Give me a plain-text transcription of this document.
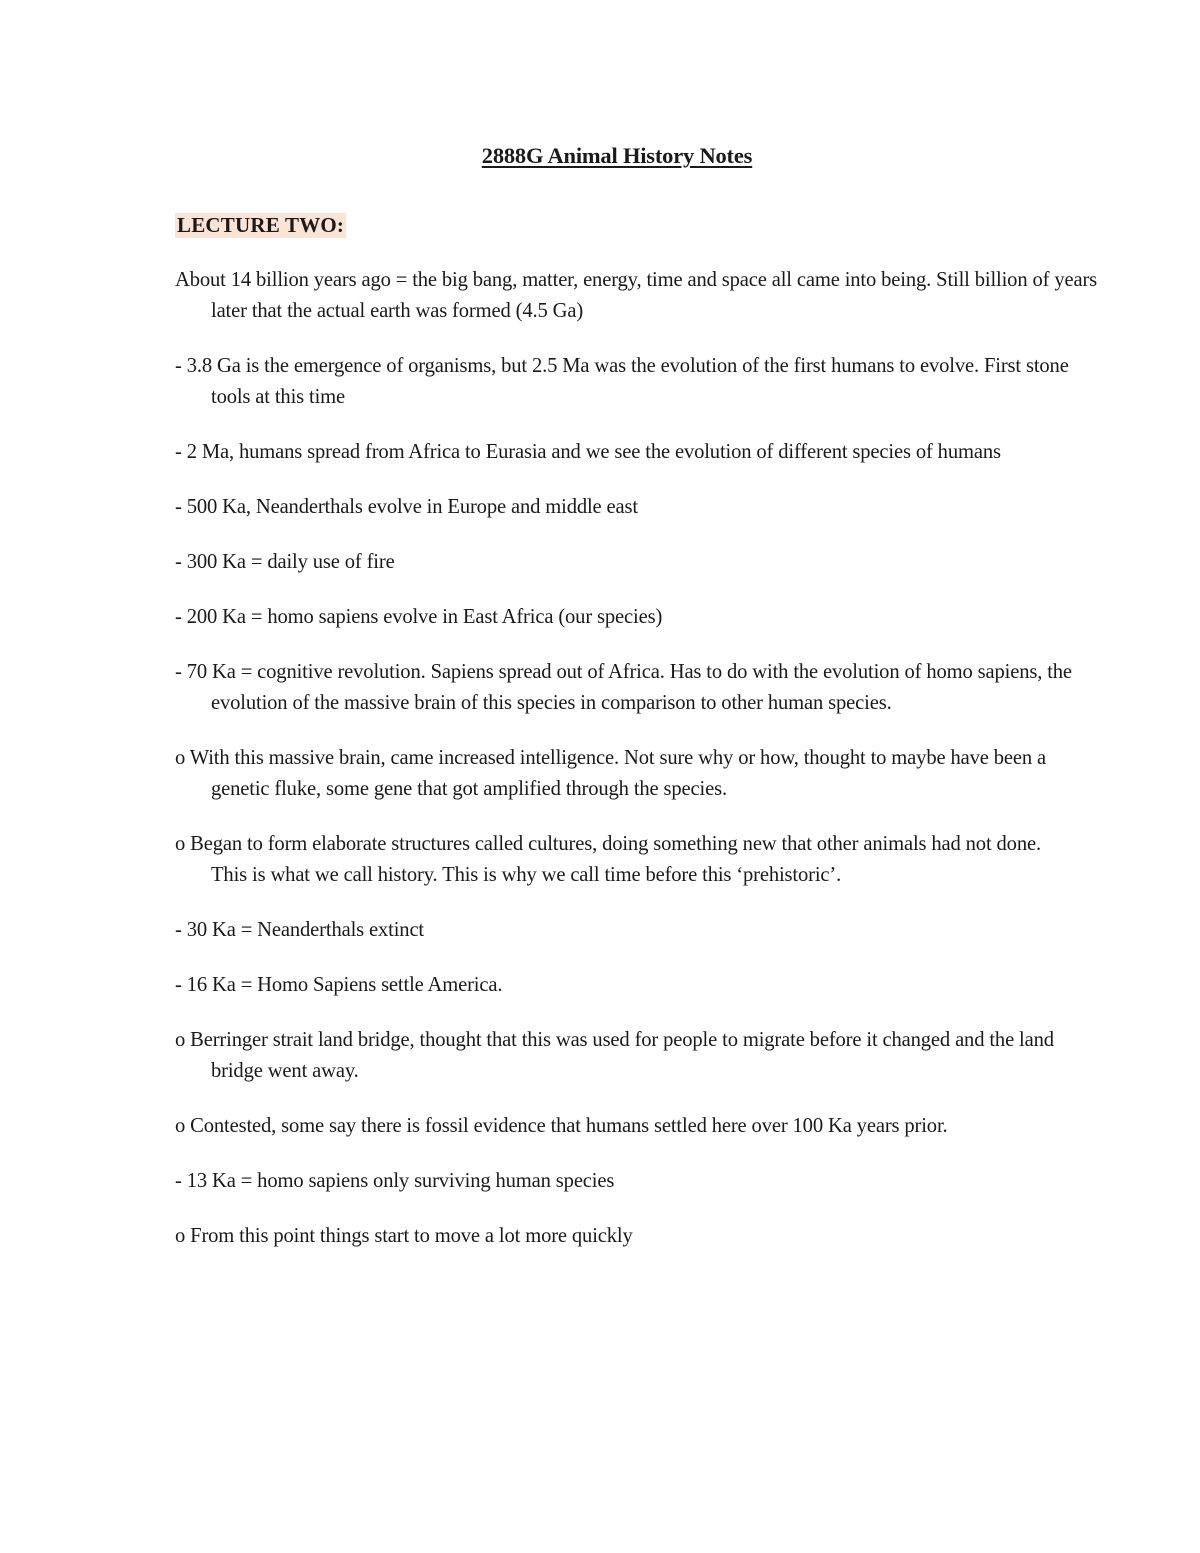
2888G Animal History Notes
LECTURE TWO:
About 14 billion years ago = the big bang, matter, energy, time and space all came into being. Still billion of years later that the actual earth was formed (4.5 Ga)
- 3.8 Ga is the emergence of organisms, but 2.5 Ma was the evolution of the first humans to evolve. First stone tools at this time
- 2 Ma, humans spread from Africa to Eurasia and we see the evolution of different species of humans
- 500 Ka, Neanderthals evolve in Europe and middle east
- 300 Ka = daily use of fire
- 200 Ka = homo sapiens evolve in East Africa (our species)
- 70 Ka = cognitive revolution. Sapiens spread out of Africa. Has to do with the evolution of homo sapiens, the evolution of the massive brain of this species in comparison to other human species.
o With this massive brain, came increased intelligence. Not sure why or how, thought to maybe have been a genetic fluke, some gene that got amplified through the species.
o Began to form elaborate structures called cultures, doing something new that other animals had not done. This is what we call history. This is why we call time before this ‘prehistoric’.
- 30 Ka = Neanderthals extinct
- 16 Ka = Homo Sapiens settle America.
o Berringer strait land bridge, thought that this was used for people to migrate before it changed and the land bridge went away.
o Contested, some say there is fossil evidence that humans settled here over 100 Ka years prior.
- 13 Ka = homo sapiens only surviving human species
o From this point things start to move a lot more quickly
